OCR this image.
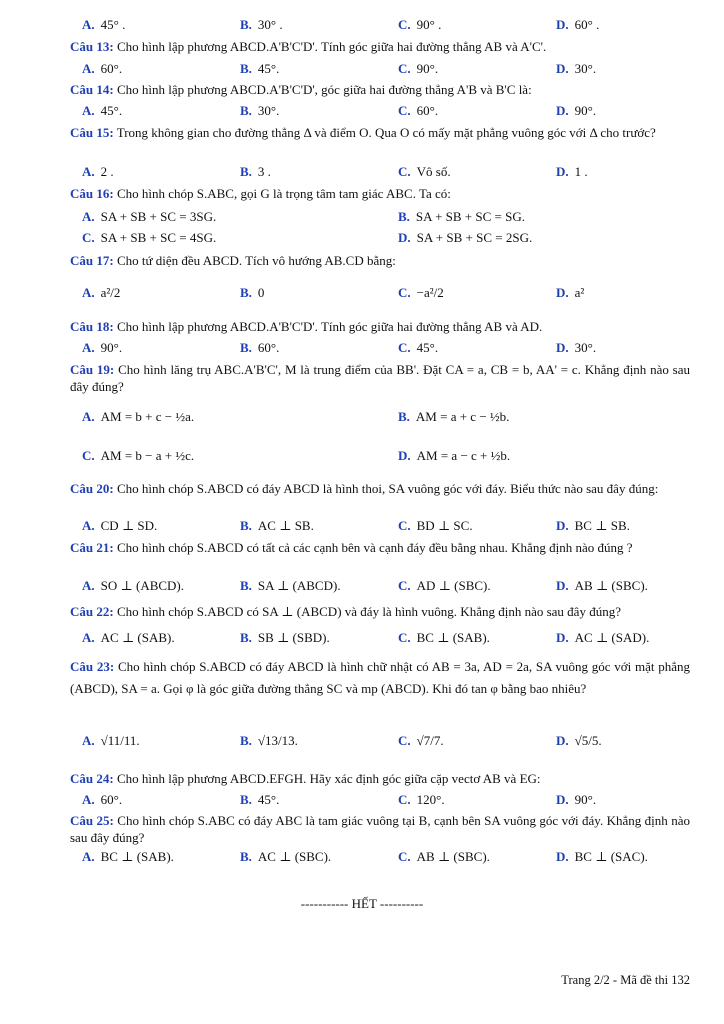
A. 45° .	B. 30° .	C. 90° .	D. 60° .
Câu 13: Cho hình lập phương ABCD.A'B'C'D'. Tính góc giữa hai đường thẳng AB và A'C'.
A. 60°.	B. 45°.	C. 90°.	D. 30°.
Câu 14: Cho hình lập phương ABCD.A'B'C'D', góc giữa hai đường thẳng A'B và B'C là:
A. 45°.	B. 30°.	C. 60°.	D. 90°.
Câu 15: Trong không gian cho đường thẳng Δ và điểm O. Qua O có mấy mặt phẳng vuông góc với Δ cho trước?
A. 2 .	B. 3 .	C. Vô số.	D. 1 .
Câu 16: Cho hình chóp S.ABC, gọi G là trọng tâm tam giác ABC. Ta có:
A. SA + SB + SC = 3SG.	B. SA + SB + SC = SG.
C. SA + SB + SC = 4SG.	D. SA + SB + SC = 2SG.
Câu 17: Cho tứ diện đều ABCD. Tích vô hướng AB.CD bằng:
A. a²/2	B. 0	C. −a²/2	D. a²
Câu 18: Cho hình lập phương ABCD.A'B'C'D'. Tính góc giữa hai đường thẳng AB và AD.
A. 90°.	B. 60°.	C. 45°.	D. 30°.
Câu 19: Cho hình lăng trụ ABC.A'B'C', M là trung điểm của BB'. Đặt CA = a, CB = b, AA' = c. Khẳng định nào sau đây đúng?
A. AM = b + c − ½a.	B. AM = a + c − ½b.
C. AM = b − a + ½c.	D. AM = a − c + ½b.
Câu 20: Cho hình chóp S.ABCD có đáy ABCD là hình thoi, SA vuông góc với đáy. Biểu thức nào sau đây đúng:
A. CD ⊥ SD.	B. AC ⊥ SB.	C. BD ⊥ SC.	D. BC ⊥ SB.
Câu 21: Cho hình chóp S.ABCD có tất cả các cạnh bên và cạnh đáy đều bằng nhau. Khẳng định nào đúng ?
A. SO ⊥ (ABCD).	B. SA ⊥ (ABCD).	C. AD ⊥ (SBC).	D. AB ⊥ (SBC).
Câu 22: Cho hình chóp S.ABCD có SA ⊥ (ABCD) và đáy là hình vuông. Khẳng định nào sau đây đúng?
A. AC ⊥ (SAB).	B. SB ⊥ (SBD).	C. BC ⊥ (SAB).	D. AC ⊥ (SAD).
Câu 23: Cho hình chóp S.ABCD có đáy ABCD là hình chữ nhật có AB = 3a, AD = 2a, SA vuông góc với mặt phẳng (ABCD), SA = a. Gọi φ là góc giữa đường thẳng SC và mp (ABCD). Khi đó tan φ bằng bao nhiêu?
A. √11/11.	B. √13/13.	C. √7/7.	D. √5/5.
Câu 24: Cho hình lập phương ABCD.EFGH. Hãy xác định góc giữa cặp vectơ AB và EG:
A. 60°.	B. 45°.	C. 120°.	D. 90°.
Câu 25: Cho hình chóp S.ABC có đáy ABC là tam giác vuông tại B, cạnh bên SA vuông góc với đáy. Khẳng định nào sau đây đúng?
A. BC ⊥ (SAB).	B. AC ⊥ (SBC).	C. AB ⊥ (SBC).	D. BC ⊥ (SAC).
----------- HẾT ----------
Trang 2/2 - Mã đề thi 132
